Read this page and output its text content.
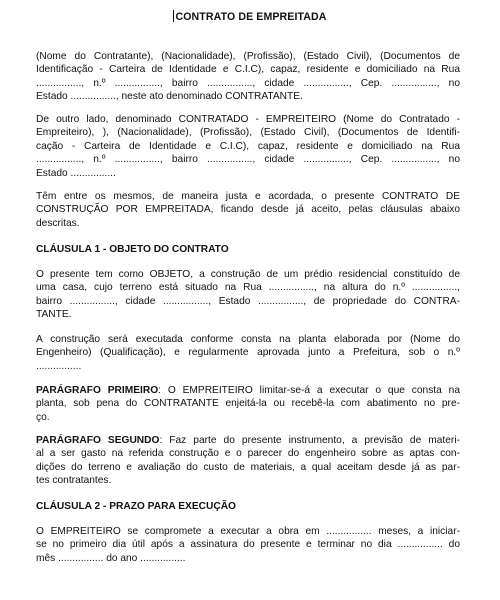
CONTRATO DE EMPREITADA
(Nome do Contratante), (Nacionalidade), (Profissão), (Estado Civil), (Documentos de
Identificação - Carteira de Identidade e C.I.C), capaz, residente e domiciliado na Rua
................, n.º ................, bairro ................, cidade ................, Cep. ................, no
Estado ................, neste ato denominado CONTRATANTE.
De outro lado, denominado CONTRATADO - EMPREITEIRO (Nome do Contratado -
Empreiteiro), ), (Nacionalidade), (Profissão), (Estado Civil), (Documentos de Identifi-
cação - Carteira de Identidade e C.I.C), capaz, residente e domiciliado na Rua
................, n.º ................, bairro ................, cidade ................, Cep. ................, no
Estado ................
Têm entre os mesmos, de maneira justa e acordada, o presente CONTRATO DE
CONSTRUÇÃO POR EMPREITADA, ficando desde já aceito, pelas cláusulas abaixo
descritas.
CLÁUSULA 1 - OBJETO DO CONTRATO
O presente tem como OBJETO, a construção de um prédio residencial constituído de
uma casa, cujo terreno está situado na Rua ................, na altura do n.º ................,
bairro ................, cidade ................, Estado ................, de propriedade do CONTRA-
TANTE.
A construção será executada conforme consta na planta elaborada por (Nome do
Engenheiro) (Qualificação), e regularmente aprovada junto a Prefeitura, sob o n.º
................
PARÁGRAFO PRIMEIRO: O EMPREITEIRO limitar-se-á a executar o que consta na
planta, sob pena do CONTRATANTE enjeitá-la ou recebê-la com abatimento no pre-
ço.
PARÁGRAFO SEGUNDO: Faz parte do presente instrumento, a previsão de materi-
al a ser gasto na referida construção e o parecer do engenheiro sobre as aptas con-
dições do terreno e avaliação do custo de materiais, a qual aceitam desde já as par-
tes contratantes.
CLÁUSULA 2 - PRAZO PARA EXECUÇÃO
O EMPREITEIRO se compromete a executar a obra em ................ meses, a iniciar-
se no primeiro dia útil após a assinatura do presente e terminar no dia ................ do
mês ................ do ano ................
